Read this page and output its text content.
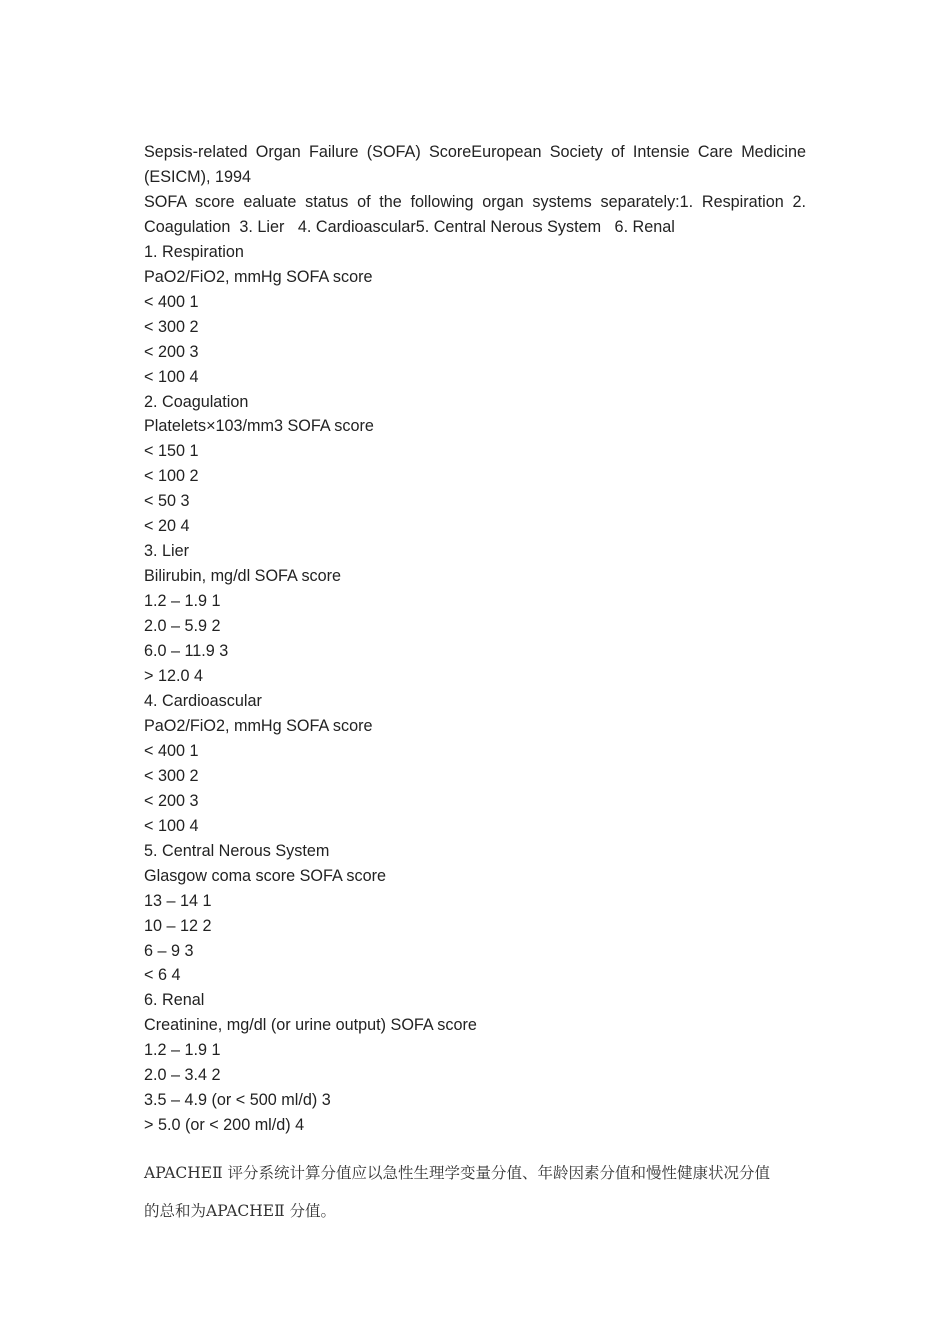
Sepsis-related Organ Failure (SOFA) ScoreEuropean Society of Intensie Care Medicine
(ESICM), 1994
SOFA score ealuate status of the following organ systems separately:1. Respiration 2.
Coagulation  3. Lier   4. Cardioascular5. Central Nerous System   6. Renal
1. Respiration
PaO2/FiO2, mmHg SOFA score
< 400 1
< 300 2
< 200 3
< 100 4
2. Coagulation
Platelets×103/mm3 SOFA score
< 150 1
< 100 2
< 50 3
< 20 4
3. Lier
Bilirubin, mg/dl SOFA score
1.2 – 1.9 1
2.0 – 5.9 2
6.0 – 11.9 3
> 12.0 4
4. Cardioascular
PaO2/FiO2, mmHg SOFA score
< 400 1
< 300 2
< 200 3
< 100 4
5. Central Nerous System
Glasgow coma score SOFA score
13 – 14 1
10 – 12 2
6 – 9 3
< 6 4
6. Renal
Creatinine, mg/dl (or urine output) SOFA score
1.2 – 1.9 1
2.0 – 3.4 2
3.5 – 4.9 (or < 500 ml/d) 3
> 5.0 (or < 200 ml/d) 4
APACHEⅡ 评分系统计算分值应以急性生理学变量分值、年龄因素分值和慢性健康状况分值
的总和为APACHEⅡ 分值。
